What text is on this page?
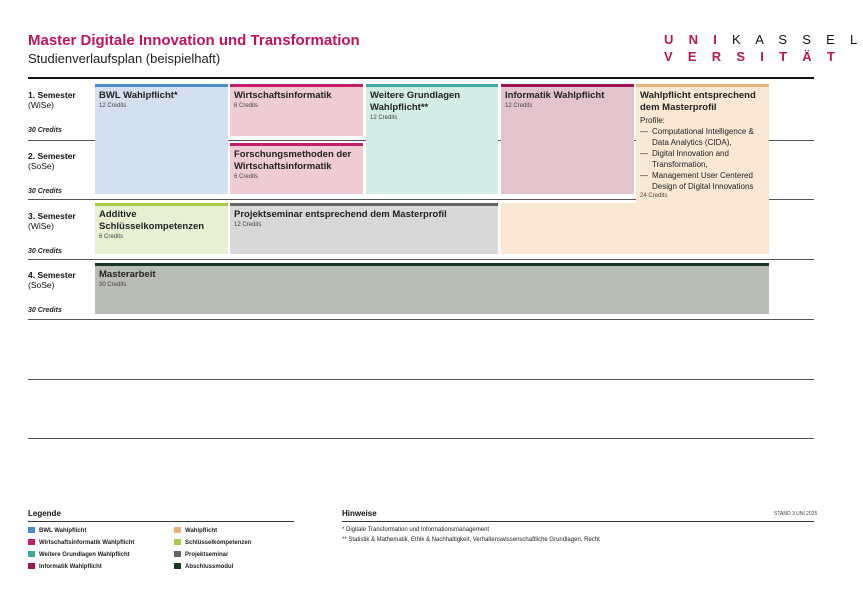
Master Digitale Innovation und Transformation
Studienverlaufsplan (beispielhaft)
U N I K A S S E L
V E R S I T Ä T
1. Semester
(WiSe)
30 Credits
2. Semester
(SoSe)
30 Credits
3. Semester
(WiSe)
30 Credits
4. Semester
(SoSe)
30 Credits
BWL Wahlpflicht*
12 Credits
Wirtschaftsinformatik
6 Credits
Forschungsmethoden der Wirtschaftsinformatik
6 Credits
Weitere Grundlagen Wahlpflicht**
12 Credits
Informatik Wahlpflicht
12 Credits
Wahlpflicht entsprechend dem Masterprofil
Profile:
— Computational Intelligence & Data Analytics (CIDA),
— Digital Innovation and Transformation,
— Management User Centered Design of Digital Innovations
24 Credits
Additive Schlüsselkompetenzen
6 Credits
Projektseminar entsprechend dem Masterprofil
12 Credits
Masterarbeit
30 Credits
Legende
BWL Wahlpflicht
Wirtschaftsinformatik Wahlpflicht
Weitere Grundlagen Wahlpflicht
Informatik Wahlpflicht
Wahlpflicht
Schlüsselkompetenzen
Projektseminar
Abschlussmodul
Hinweise	STAND 3 UNI 2025
* Digitale Transformation und Informationsmanagement
** Statistik & Mathematik, Ethik & Nachhaltigkeit, Verhaltenswissenschaftliche Grundlagen, Recht
